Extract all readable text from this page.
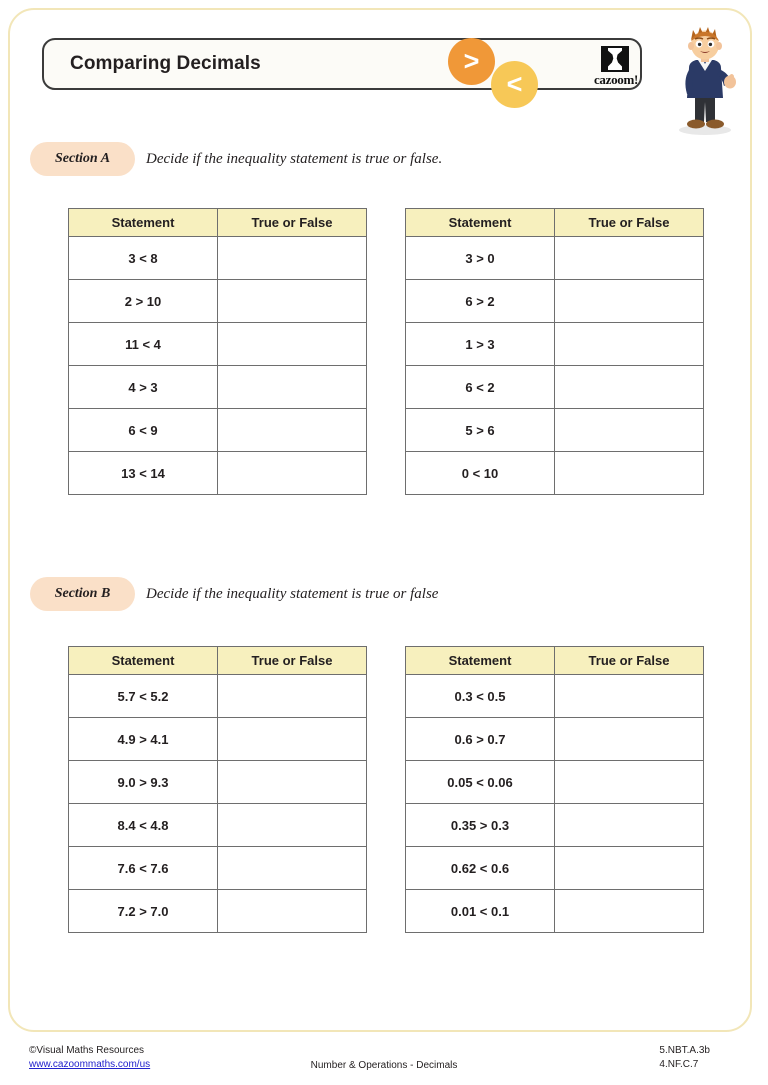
Comparing Decimals	>
<	cazoom!
Section A	Decide if the inequality statement is true or false.
Statement	True or False
3 < 8	
2 > 10	
11 < 4	
4 > 3	
6 < 9	
13 < 14	
Statement	True or False
3 > 0	
6 > 2	
1 > 3	
6 < 2	
5 > 6	
0 < 10	
Section B	Decide if the inequality statement is true or false
Statement	True or False
5.7 < 5.2	
4.9 > 4.1	
9.0 > 9.3	
8.4 < 4.8	
7.6 < 7.6	
7.2 > 7.0	
Statement	True or False
0.3 < 0.5	
0.6 > 0.7	
0.05 < 0.06	
0.35 > 0.3	
0.62 < 0.6	
0.01 < 0.1	
©Visual Maths Resources
www.cazoommaths.com/us	Number & Operations - Decimals
5.NBT.A.3b
4.NF.C.7
